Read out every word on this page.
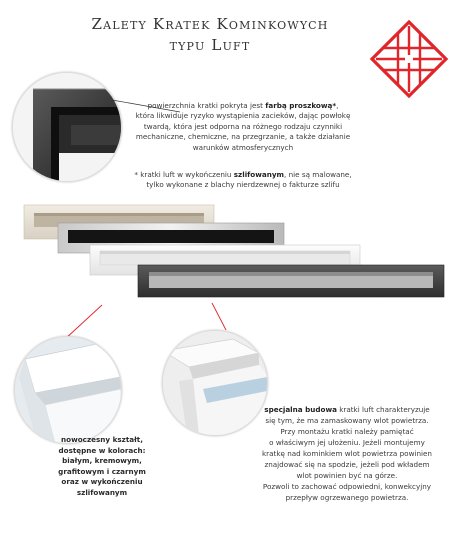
Zalety Kratek Kominkowych
typu Luft
powierzchnia kratki pokryta jest farbą proszkową*,
która likwiduje ryzyko wystąpienia zacieków, dając powłokę
twardą, która jest odporna na różnego rodzaju czynniki
mechaniczne, chemiczne, na przegrzanie, a także działanie
warunków atmosferycznych
* kratki luft w wykończeniu szlifowanym, nie są malowane,
tylko wykonane z blachy nierdzewnej o fakturze szlifu
nowoczesny kształt,
dostępne w kolorach:
białym, kremowym,
grafitowym i czarnym
oraz w wykończeniu
szlifowanym
specjalna budowa kratki luft charakteryzuje
się tym, że ma zamaskowany wlot powietrza.
Przy montażu kratki należy pamiętać
o właściwym jej ułożeniu. Jeżeli montujemy
kratkę nad kominkiem wlot powietrza powinien
znajdować się na spodzie, jeżeli pod wkładem
wlot powinien być na górze.
Pozwoli to zachować odpowiedni, konwekcyjny
przepływ ogrzewanego powietrza.
